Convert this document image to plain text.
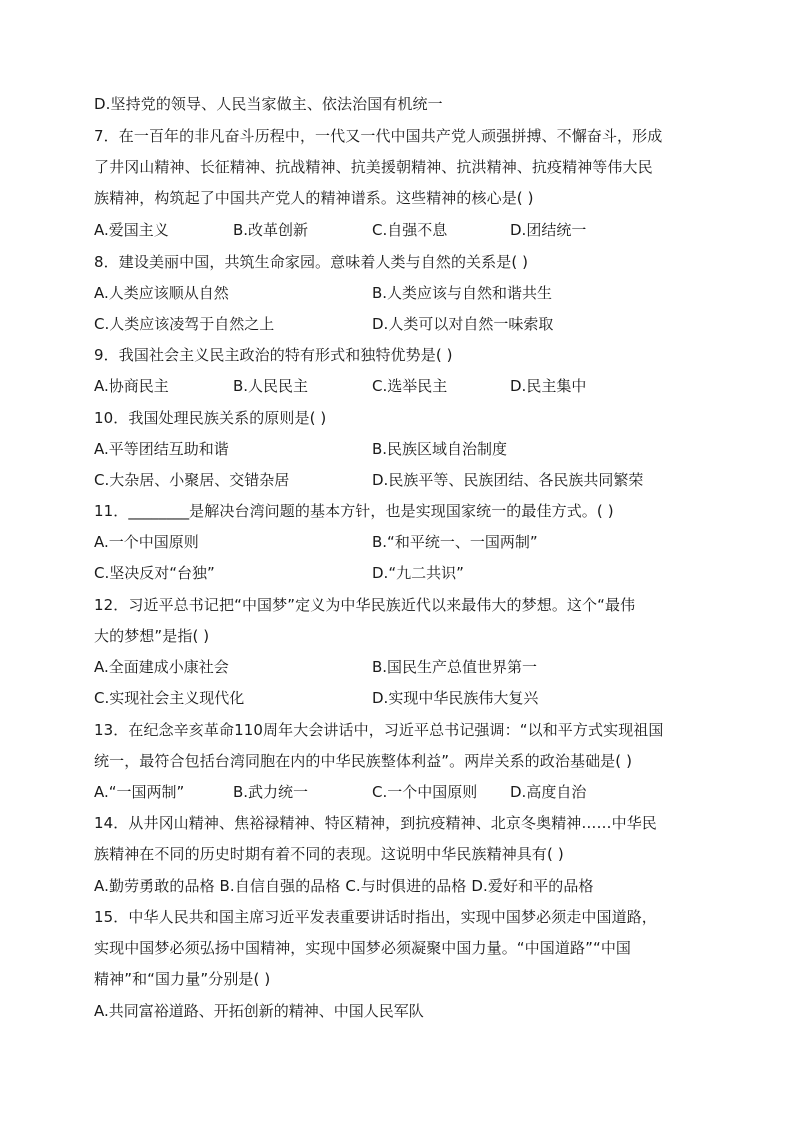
D.坚持党的领导、人民当家做主、依法治国有机统一
7．在一百年的非凡奋斗历程中，一代又一代中国共产党人顽强拼搏、不懈奋斗，形成
了井冈山精神、长征精神、抗战精神、抗美援朝精神、抗洪精神、抗疫精神等伟大民
族精神，构筑起了中国共产党人的精神谱系。这些精神的核心是( )
A.爱国主义	B.改革创新	C.自强不息	D.团结统一
8．建设美丽中国，共筑生命家园。意味着人类与自然的关系是( )
A.人类应该顺从自然	B.人类应该与自然和谐共生
C.人类应该凌驾于自然之上	D.人类可以对自然一味索取
9．我国社会主义民主政治的特有形式和独特优势是( )
A.协商民主	B.人民民主	C.选举民主	D.民主集中
10．我国处理民族关系的原则是( )
A.平等团结互助和谐	B.民族区域自治制度
C.大杂居、小聚居、交错杂居	D.民族平等、民族团结、各民族共同繁荣
11．________是解决台湾问题的基本方针，也是实现国家统一的最佳方式。( )
A.一个中国原则	B.“和平统一、一国两制”
C.坚决反对“台独”	D.“九二共识”
12．习近平总书记把“中国梦”定义为中华民族近代以来最伟大的梦想。这个“最伟
大的梦想”是指( )
A.全面建成小康社会	B.国民生产总值世界第一
C.实现社会主义现代化	D.实现中华民族伟大复兴
13．在纪念辛亥革命110周年大会讲话中，习近平总书记强调：“以和平方式实现祖国
统一，最符合包括台湾同胞在内的中华民族整体利益”。两岸关系的政治基础是( )
A.“一国两制”	B.武力统一	C.一个中国原则 D.高度自治
14．从井冈山精神、焦裕禄精神、特区精神，到抗疫精神、北京冬奥精神……中华民
族精神在不同的历史时期有着不同的表现。这说明中华民族精神具有( )
A.勤劳勇敢的品格 B.自信自强的品格 C.与时俱进的品格 D.爱好和平的品格
15．中华人民共和国主席习近平发表重要讲话时指出，实现中国梦必须走中国道路，
实现中国梦必须弘扬中国精神，实现中国梦必须凝聚中国力量。“中国道路”“中国
精神”和“国力量”分别是( )
A.共同富裕道路、开拓创新的精神、中国人民军队
